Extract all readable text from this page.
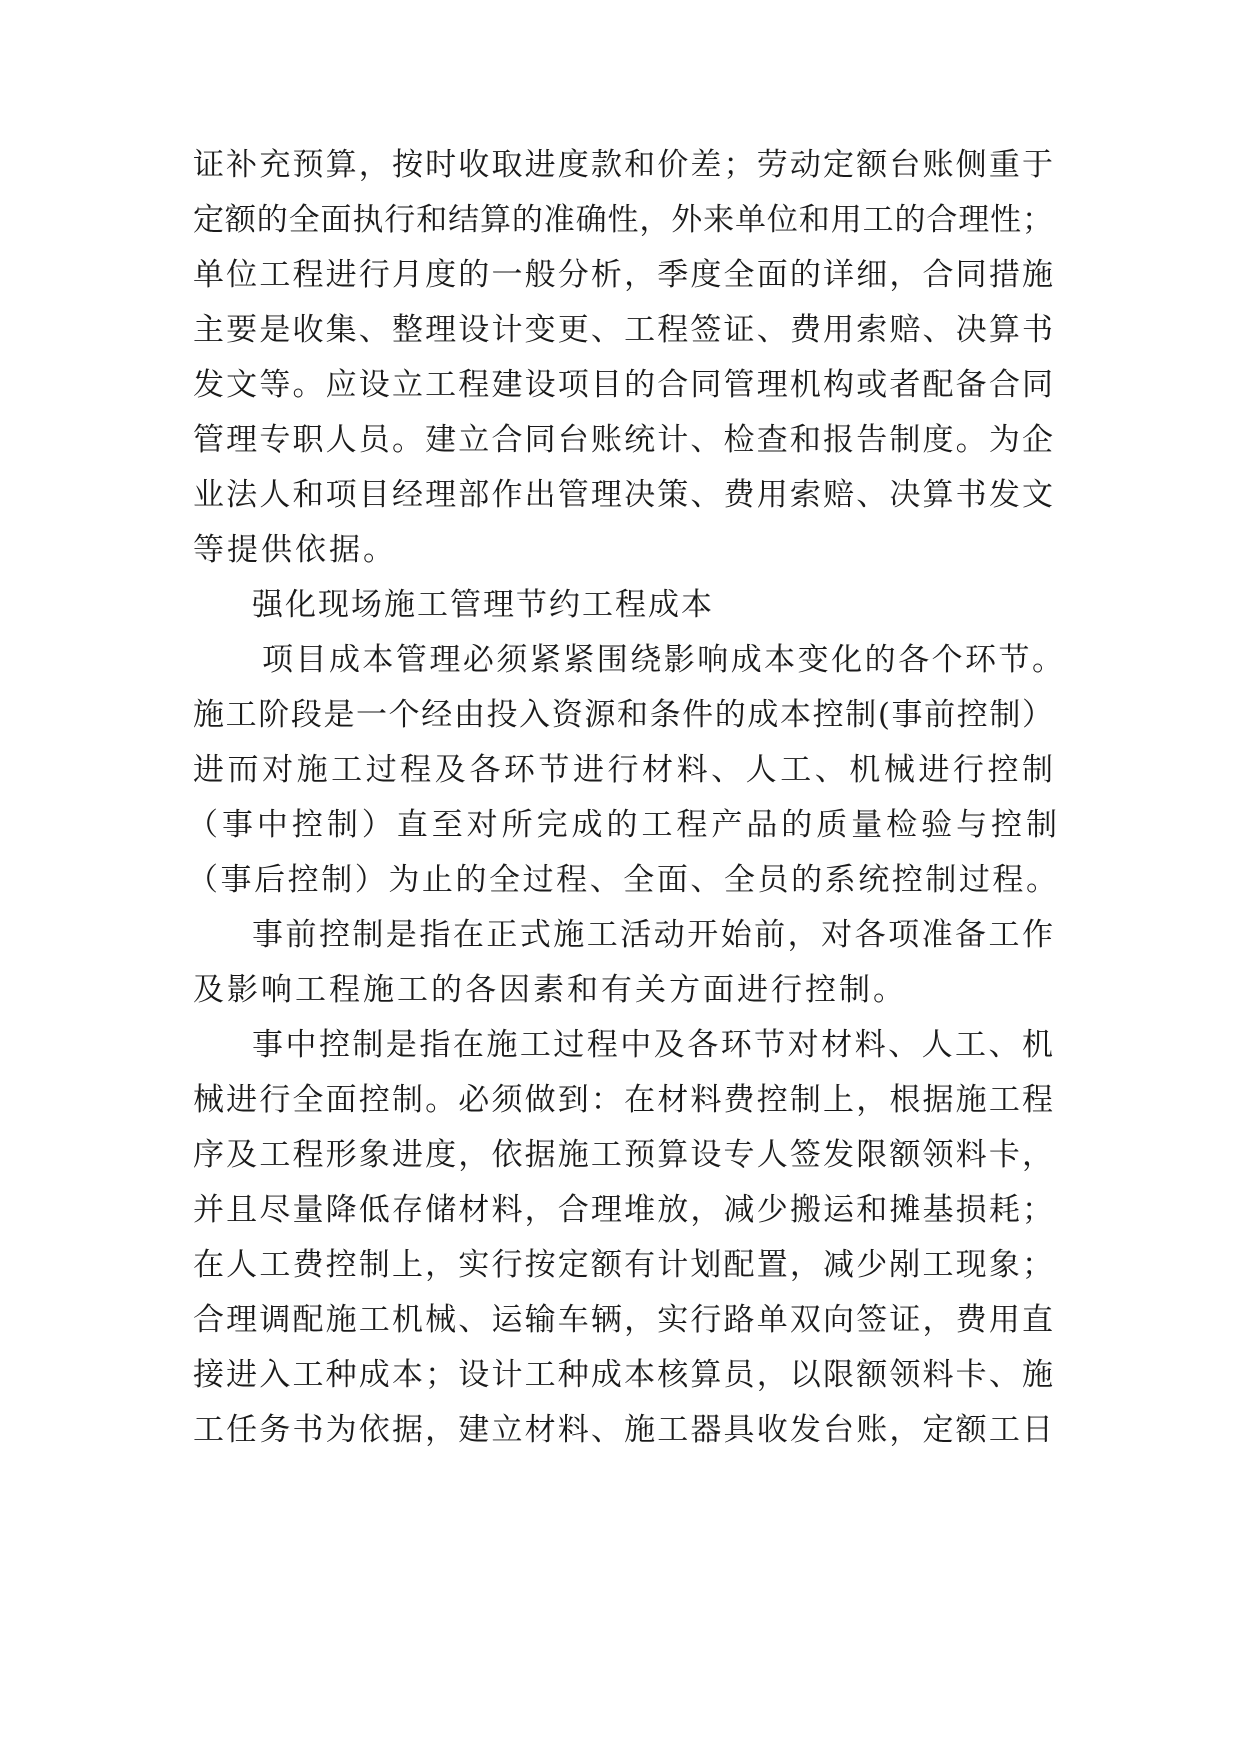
证补充预算，按时收取进度款和价差；劳动定额台账侧重于
定额的全面执行和结算的准确性，外来单位和用工的合理性；
单位工程进行月度的一般分析，季度全面的详细，合同措施
主要是收集、整理设计变更、工程签证、费用索赔、决算书
发文等。应设立工程建设项目的合同管理机构或者配备合同
管理专职人员。建立合同台账统计、检查和报告制度。为企
业法人和项目经理部作出管理决策、费用索赔、决算书发文
等提供依据。
强化现场施工管理节约工程成本
项目成本管理必须紧紧围绕影响成本变化的各个环节。
施工阶段是一个经由投入资源和条件的成本控制(事前控制）
进而对施工过程及各环节进行材料、人工、机械进行控制
（事中控制）直至对所完成的工程产品的质量检验与控制
（事后控制）为止的全过程、全面、全员的系统控制过程。
事前控制是指在正式施工活动开始前，对各项准备工作
及影响工程施工的各因素和有关方面进行控制。
事中控制是指在施工过程中及各环节对材料、人工、机
械进行全面控制。必须做到：在材料费控制上，根据施工程
序及工程形象进度，依据施工预算设专人签发限额领料卡，
并且尽量降低存储材料，合理堆放，减少搬运和摊基损耗；
在人工费控制上，实行按定额有计划配置，减少剐工现象；
合理调配施工机械、运输车辆，实行路单双向签证，费用直
接进入工种成本；设计工种成本核算员，以限额领料卡、施
工任务书为依据，建立材料、施工器具收发台账，定额工日
